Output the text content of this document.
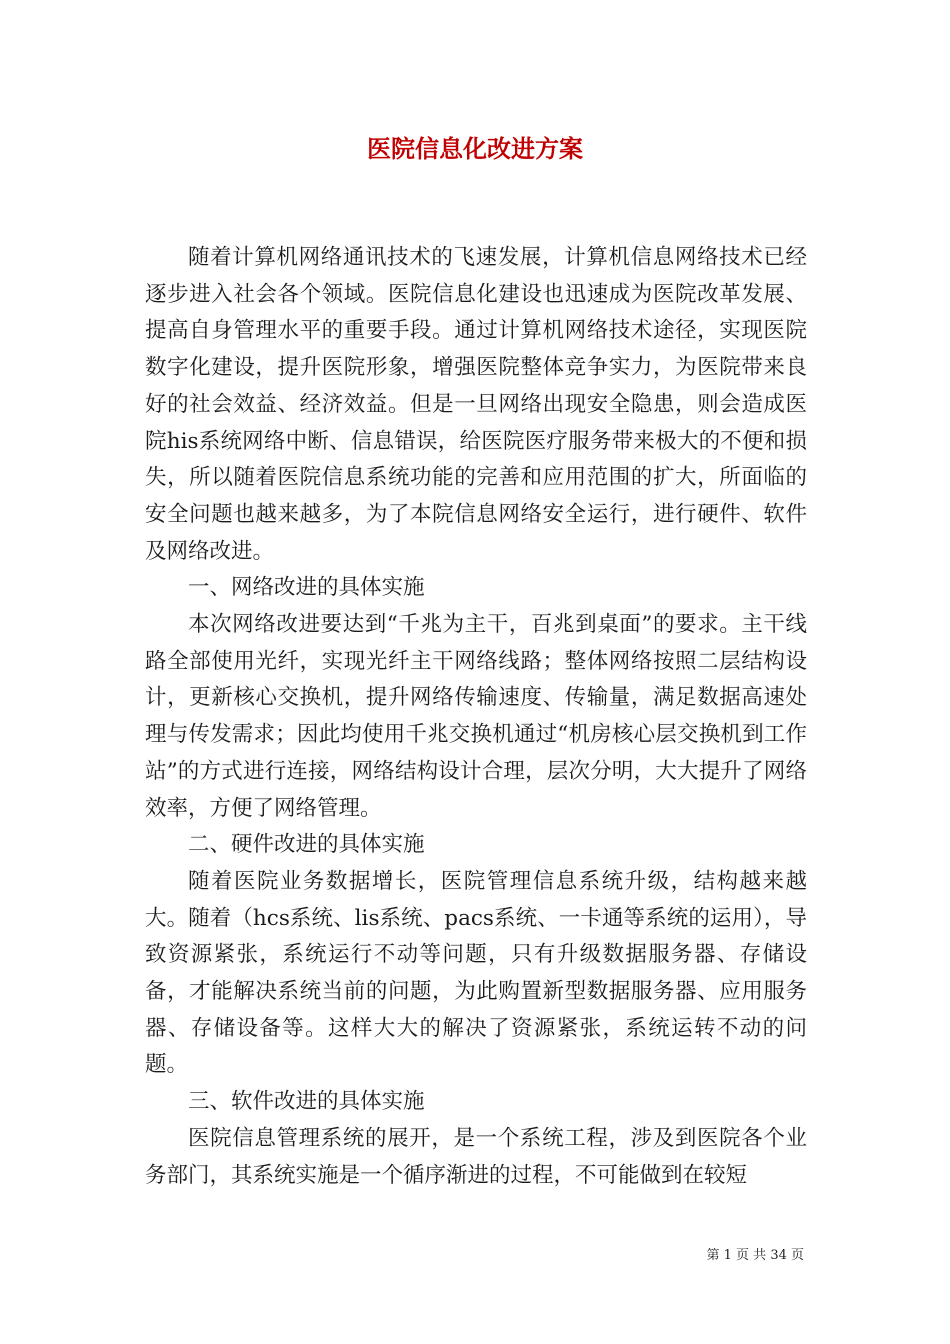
医院信息化改进方案

随着计算机网络通讯技术的飞速发展，计算机信息网络技术已经逐步进入社会各个领域。医院信息化建设也迅速成为医院改革发展、提高自身管理水平的重要手段。通过计算机网络技术途径，实现医院数字化建设，提升医院形象，增强医院整体竞争实力，为医院带来良好的社会效益、经济效益。但是一旦网络出现安全隐患，则会造成医院his系统网络中断、信息错误，给医院医疗服务带来极大的不便和损失，所以随着医院信息系统功能的完善和应用范围的扩大，所面临的安全问题也越来越多，为了本院信息网络安全运行，进行硬件、软件及网络改进。

一、网络改进的具体实施

本次网络改进要达到“千兆为主干，百兆到桌面”的要求。主干线路全部使用光纤，实现光纤主干网络线路；整体网络按照二层结构设计，更新核心交换机，提升网络传输速度、传输量，满足数据高速处理与传发需求；因此均使用千兆交换机通过“机房核心层交换机到工作站”的方式进行连接，网络结构设计合理，层次分明，大大提升了网络效率，方便了网络管理。

二、硬件改进的具体实施

随着医院业务数据增长，医院管理信息系统升级，结构越来越大。随着（hcs系统、lis系统、pacs系统、一卡通等系统的运用），导致资源紧张，系统运行不动等问题，只有升级数据服务器、存储设备，才能解决系统当前的问题，为此购置新型数据服务器、应用服务器、存储设备等。这样大大的解决了资源紧张，系统运转不动的问题。

三、软件改进的具体实施

医院信息管理系统的展开，是一个系统工程，涉及到医院各个业务部门，其系统实施是一个循序渐进的过程，不可能做到在较短

第 1 页 共 34 页
